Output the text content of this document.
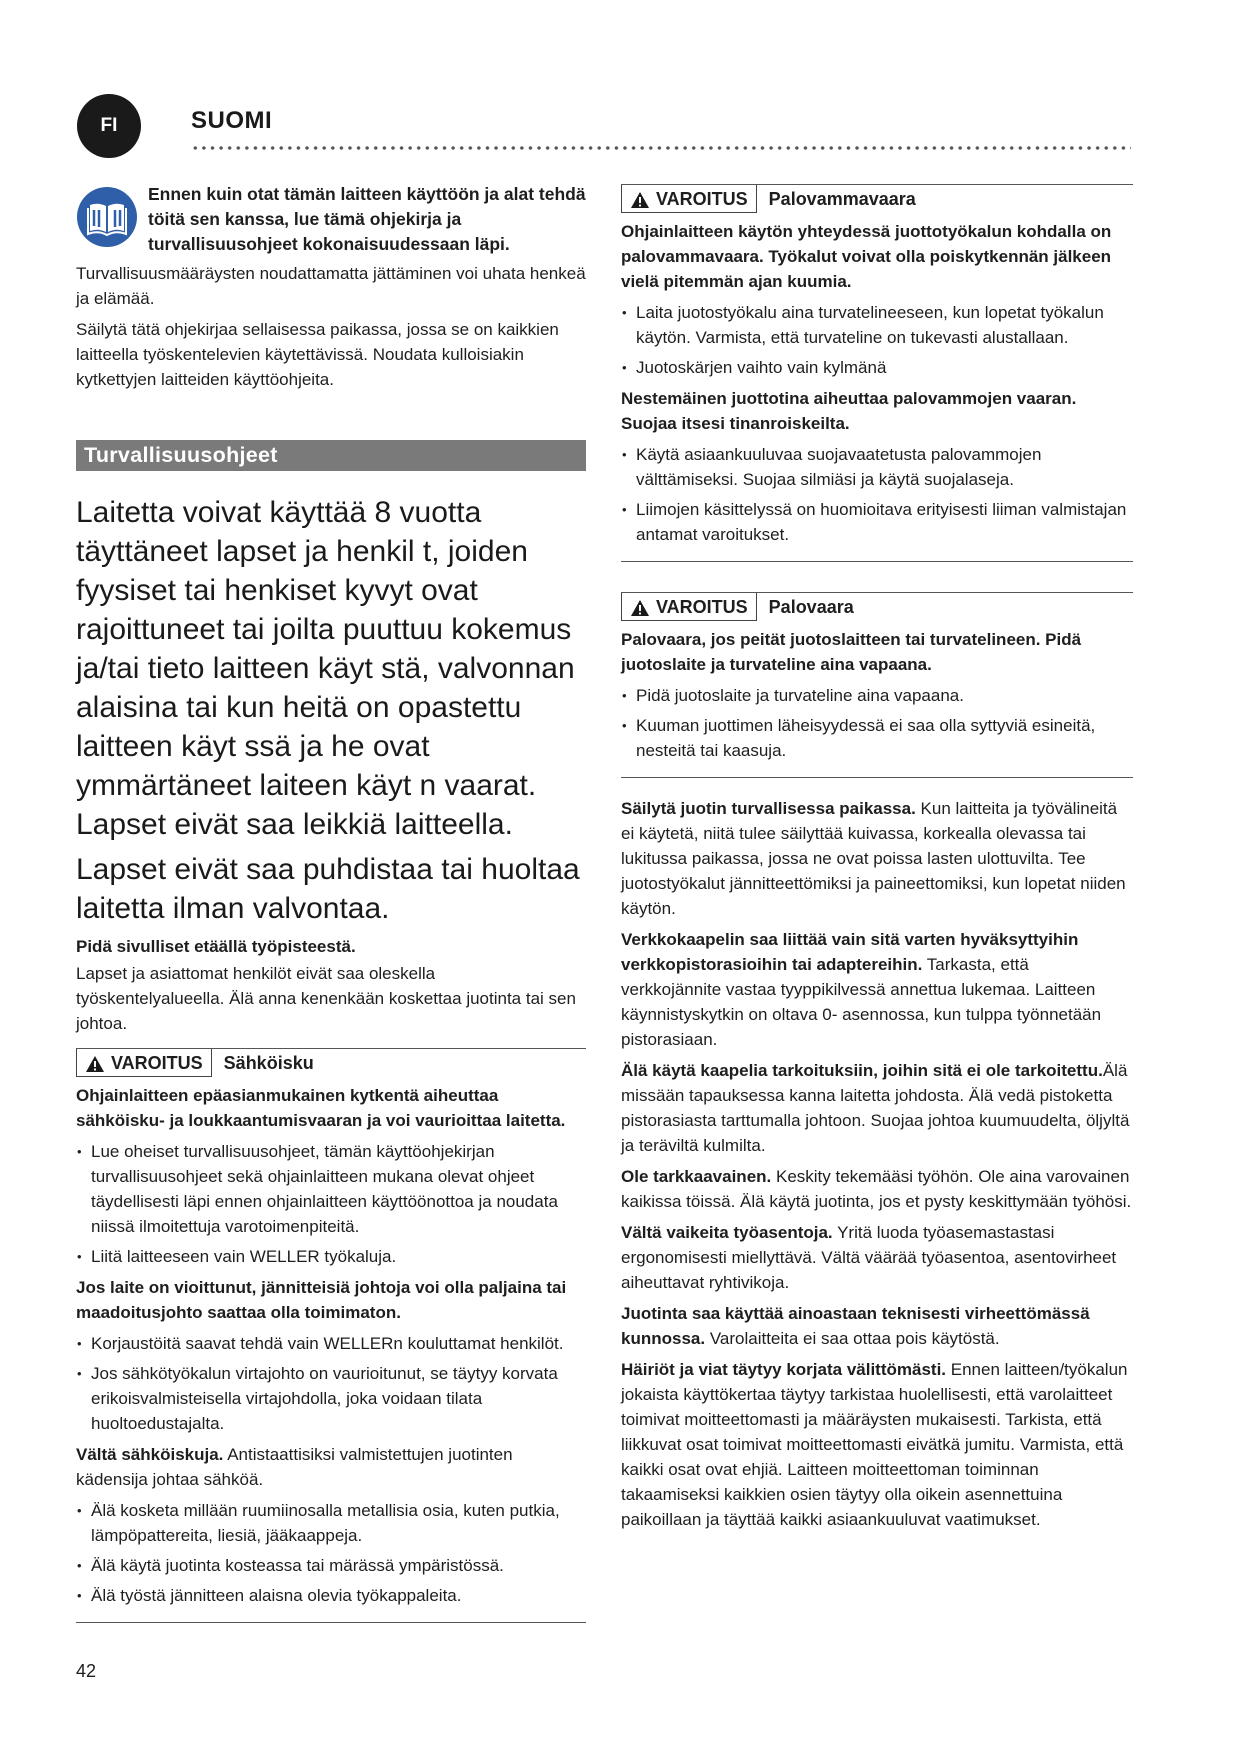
FI	SUOMI

Ennen kuin otat tämän laitteen käyttöön ja alat tehdä töitä sen kanssa, lue tämä ohjekirja ja turvallisuusohjeet kokonaisuudessaan läpi.

Turvallisuusmääräysten noudattamatta jättäminen voi uhata henkeä ja elämää.

Säilytä tätä ohjekirjaa sellaisessa paikassa, jossa se on kaikkien laitteella työskentelevien käytettävissä. Noudata kulloisiakin kytkettyjen laitteiden käyttöohjeita.

Turvallisuusohjeet

Laitetta voivat käyttää 8 vuotta täyttäneet lapset ja henkil t, joiden fyysiset tai henkiset kyvyt ovat rajoittuneet tai joilta puuttuu kokemus ja/tai tieto laitteen käyt stä, valvonnan alaisina tai kun heitä on opastettu laitteen käyt ssä ja he ovat ymmärtäneet laiteen käyt n vaarat. Lapset eivät saa leikkiä laitteella.

Lapset eivät saa puhdistaa tai huoltaa laitetta ilman valvontaa.

Pidä sivulliset etäällä työpisteestä.

Lapset ja asiattomat henkilöt eivät saa oleskella työskentelyalueella. Älä anna kenenkään koskettaa juotinta tai sen johtoa.

VAROITUS Sähköisku

Ohjainlaitteen epäasianmukainen kytkentä aiheuttaa sähköisku- ja loukkaantumisvaaran ja voi vaurioittaa laitetta.

• Lue oheiset turvallisuusohjeet, tämän käyttöohjekirjan turvallisuusohjeet sekä ohjainlaitteen mukana olevat ohjeet täydellisesti läpi ennen ohjainlaitteen käyttöönottoa ja noudata niissä ilmoitettuja varotoimenpiteitä.
• Liitä laitteeseen vain WELLER työkaluja.

Jos laite on vioittunut, jännitteisiä johtoja voi olla paljaina tai maadoitusjohto saattaa olla toimimaton.

• Korjaustöitä saavat tehdä vain WELLERn kouluttamat henkilöt.
• Jos sähkötyökalun virtajohto on vaurioitunut, se täytyy korvata erikoisvalmisteisella virtajohdolla, joka voidaan tilata huoltoedustajalta.

Vältä sähköiskuja. Antistaattisiksi valmistettujen juotinten kädensija johtaa sähköä.

• Älä kosketa millään ruumiinosalla metallisia osia, kuten putkia, lämpöpattereita, liesiä, jääkaappeja.
• Älä käytä juotinta kosteassa tai märässä ympäristössä.
• Älä työstä jännitteen alaisna olevia työkappaleita.
VAROITUS Palovammavaara

Ohjainlaitteen käytön yhteydessä juottotyökalun kohdalla on palovammavaara. Työkalut voivat olla poiskytkennän jälkeen vielä pitemmän ajan kuumia.

• Laita juotostyökalu aina turvatelineeseen, kun lopetat työkalun käytön. Varmista, että turvateline on tukevasti alustallaan.
• Juotoskärjen vaihto vain kylmänä

Nestemäinen juottotina aiheuttaa palovammojen vaaran. Suojaa itsesi tinanroiskeilta.

• Käytä asiaankuuluvaa suojavaatetusta palovammojen välttämiseksi. Suojaa silmiäsi ja käytä suojalaseja.
• Liimojen käsittelyssä on huomioitava erityisesti liiman valmistajan antamat varoitukset.
VAROITUS Palovaara

Palovaara, jos peität juotoslaitteen tai turvatelineen. Pidä juotoslaite ja turvateline aina vapaana.

• Pidä juotoslaite ja turvateline aina vapaana.
• Kuuman juottimen läheisyydessä ei saa olla syttyviä esineitä, nesteitä tai kaasuja.

Säilytä juotin turvallisessa paikassa. Kun laitteita ja työvälineitä ei käytetä, niitä tulee säilyttää kuivassa, korkealla olevassa tai lukitussa paikassa, jossa ne ovat poissa lasten ulottuvilta. Tee juotostyökalut jännitteettömiksi ja paineettomiksi, kun lopetat niiden käytön.

Verkkokaapelin saa liittää vain sitä varten hyväksyttyihin verkkopistorasioihin tai adaptereihin. Tarkasta, että verkkojännite vastaa tyyppikilvessä annettua lukemaa. Laitteen käynnistyskytkin on oltava 0- asennossa, kun tulppa työnnetään pistorasiaan.

Älä käytä kaapelia tarkoituksiin, joihin sitä ei ole tarkoitettu.Älä missään tapauksessa kanna laitetta johdosta. Älä vedä pistoketta pistorasiasta tarttumalla johtoon. Suojaa johtoa kuumuudelta, öljyltä ja teräviltä kulmilta.

Ole tarkkaavainen. Keskity tekemääsi työhön. Ole aina varovainen kaikissa töissä. Älä käytä juotinta, jos et pysty keskittymään työhösi.

Vältä vaikeita työasentoja. Yritä luoda työasemastastasi ergonomisesti miellyttävä. Vältä väärää työasentoa, asentovirheet aiheuttavat ryhtivikoja.

Juotinta saa käyttää ainoastaan teknisesti virheettömässä kunnossa. Varolaitteita ei saa ottaa pois käytöstä.

Häiriöt ja viat täytyy korjata välittömästi. Ennen laitteen/työkalun jokaista käyttökertaa täytyy tarkistaa huolellisesti, että varolaitteet toimivat moitteettomasti ja määräysten mukaisesti. Tarkista, että liikkuvat osat toimivat moitteettomasti eivätkä jumitu. Varmista, että kaikki osat ovat ehjiä. Laitteen moitteettoman toiminnan takaamiseksi kaikkien osien täytyy olla oikein asennettuina paikoillaan ja täyttää kaikki asiaankuuluvat vaatimukset.

42
